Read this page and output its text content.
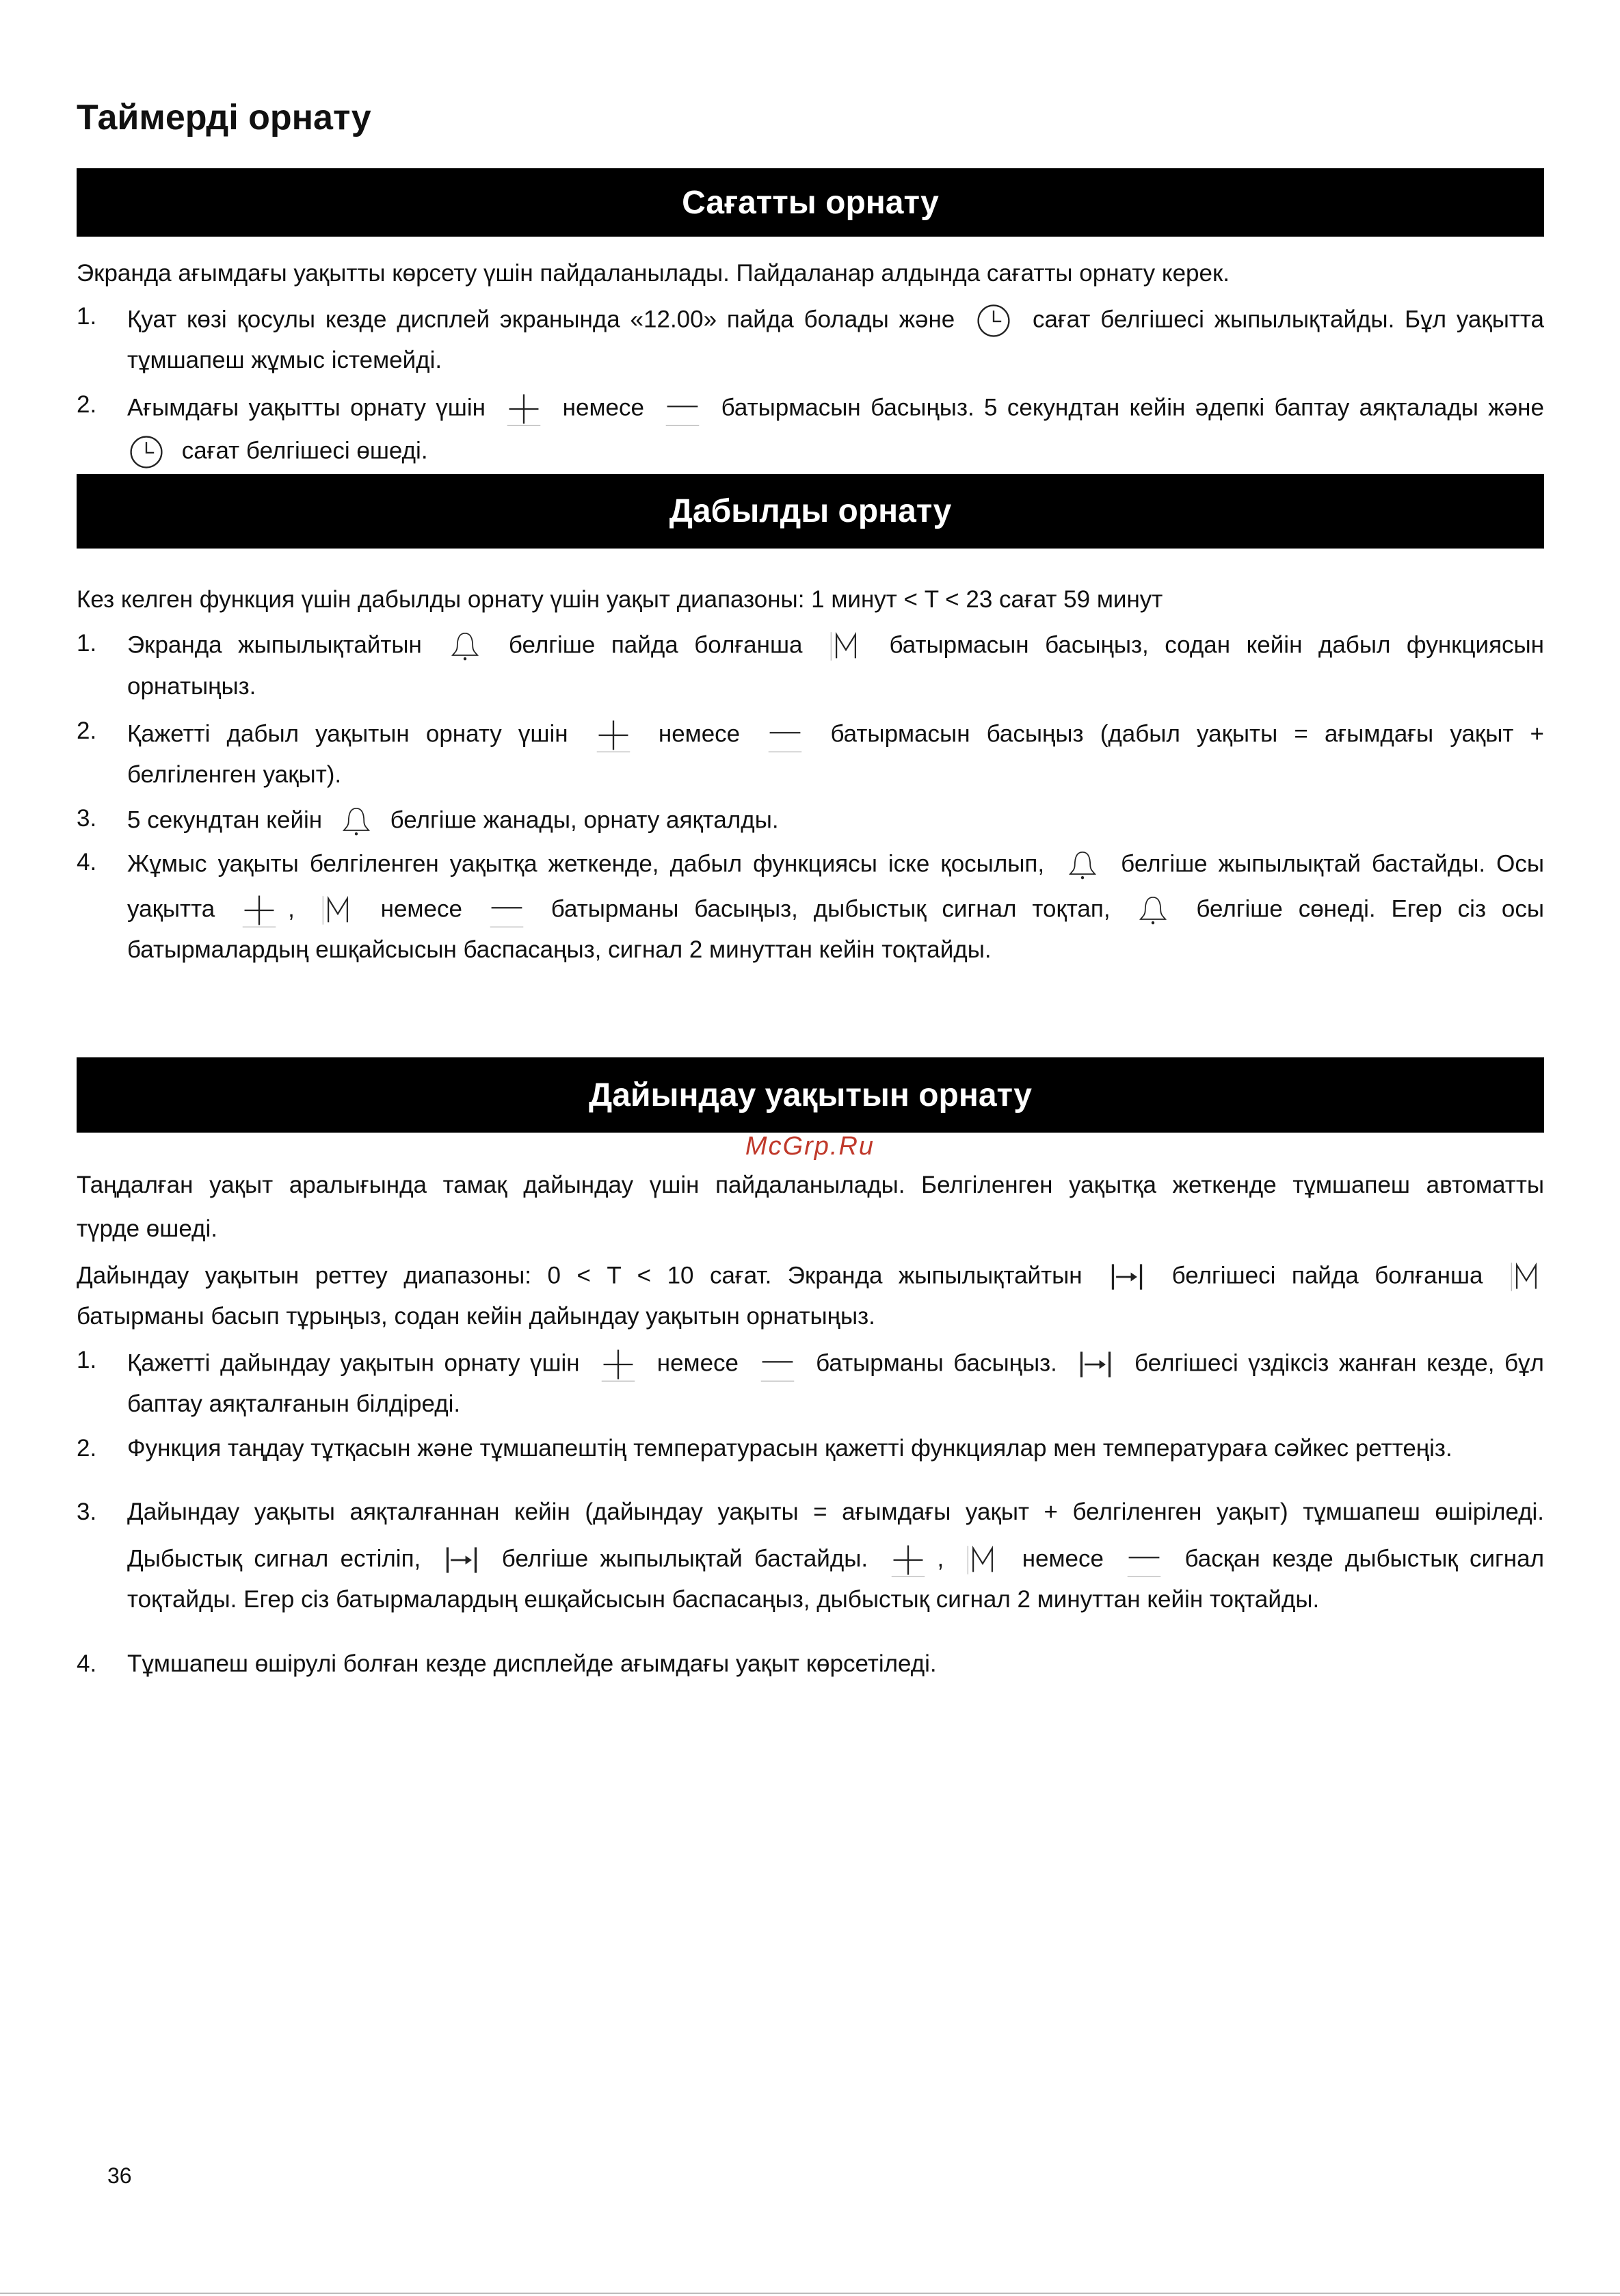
Таймерді орнату
Сағатты орнату
Экранда ағымдағы уақытты көрсету үшін пайдаланылады. Пайдаланар алдында сағатты орнату керек.
1. Қуат көзі қосулы кезде дисплей экранында «12.00» пайда болады және	сағат белгішесі жыпылықтайды. Бұл уақытта
тұмшапеш жұмыс істемейді.
2. Ағымдағы уақытты орнату үшін	немесе	батырмасын басыңыз. 5 секундтан кейін әдепкі баптау аяқталады және
сағат белгішесі өшеді.
Дабылды орнату
Кез келген функция үшін дабылды орнату үшін уақыт диапазоны: 1 минут < T < 23 сағат 59 минут
1. Экранда жыпылықтайтын	белгіше пайда болғанша	батырмасын басыңыз, содан кейін дабыл функциясын
орнатыңыз.
2. Қажетті дабыл уақытын орнату үшін	немесе	батырмасын басыңыз (дабыл уақыты = ағымдағы уақыт +
белгіленген уақыт).
3. 5 секундтан кейін	белгіше жанады, орнату аяқталды.
4. Жұмыс уақыты белгіленген уақытқа жеткенде, дабыл функциясы іске қосылып,	белгіше жыпылықтай бастайды. Осы
уақытта	,	немесе	батырманы басыңыз, дыбыстық сигнал тоқтап,	белгіше сөнеді. Егер сіз осы
батырмалардың ешқайсысын баспасаңыз, сигнал 2 минуттан кейін тоқтайды.
Дайындау уақытын орнату
McGrp.Ru
Таңдалған уақыт аралығында тамақ дайындау үшін пайдаланылады. Белгіленген уақытқа жеткенде тұмшапеш автоматты
түрде өшеді.
Дайындау уақытын реттеу диапазоны: 0 < T < 10 сағат. Экранда жыпылықтайтын	белгішесі пайда болғанша
батырманы басып тұрыңыз, содан кейін дайындау уақытын орнатыңыз.
1. Қажетті дайындау уақытын орнату үшін	немесе	батырманы басыңыз.	белгішесі үздіксіз жанған кезде, бұл
баптау аяқталғанын білдіреді.
2. Функция таңдау тұтқасын және тұмшапештің температурасын қажетті функциялар мен температураға сәйкес реттеңіз.
3. Дайындау уақыты аяқталғаннан кейін (дайындау уақыты = ағымдағы уақыт + белгіленген уақыт) тұмшапеш өшіріледі.
Дыбыстық сигнал естіліп,	белгіше жыпылықтай бастайды.	,	немесе	басқан кезде дыбыстық сигнал
тоқтайды. Егер сіз батырмалардың ешқайсысын баспасаңыз, дыбыстық сигнал 2 минуттан кейін тоқтайды.
4. Тұмшапеш өшірулі болған кезде дисплейде ағымдағы уақыт көрсетіледі.
36
